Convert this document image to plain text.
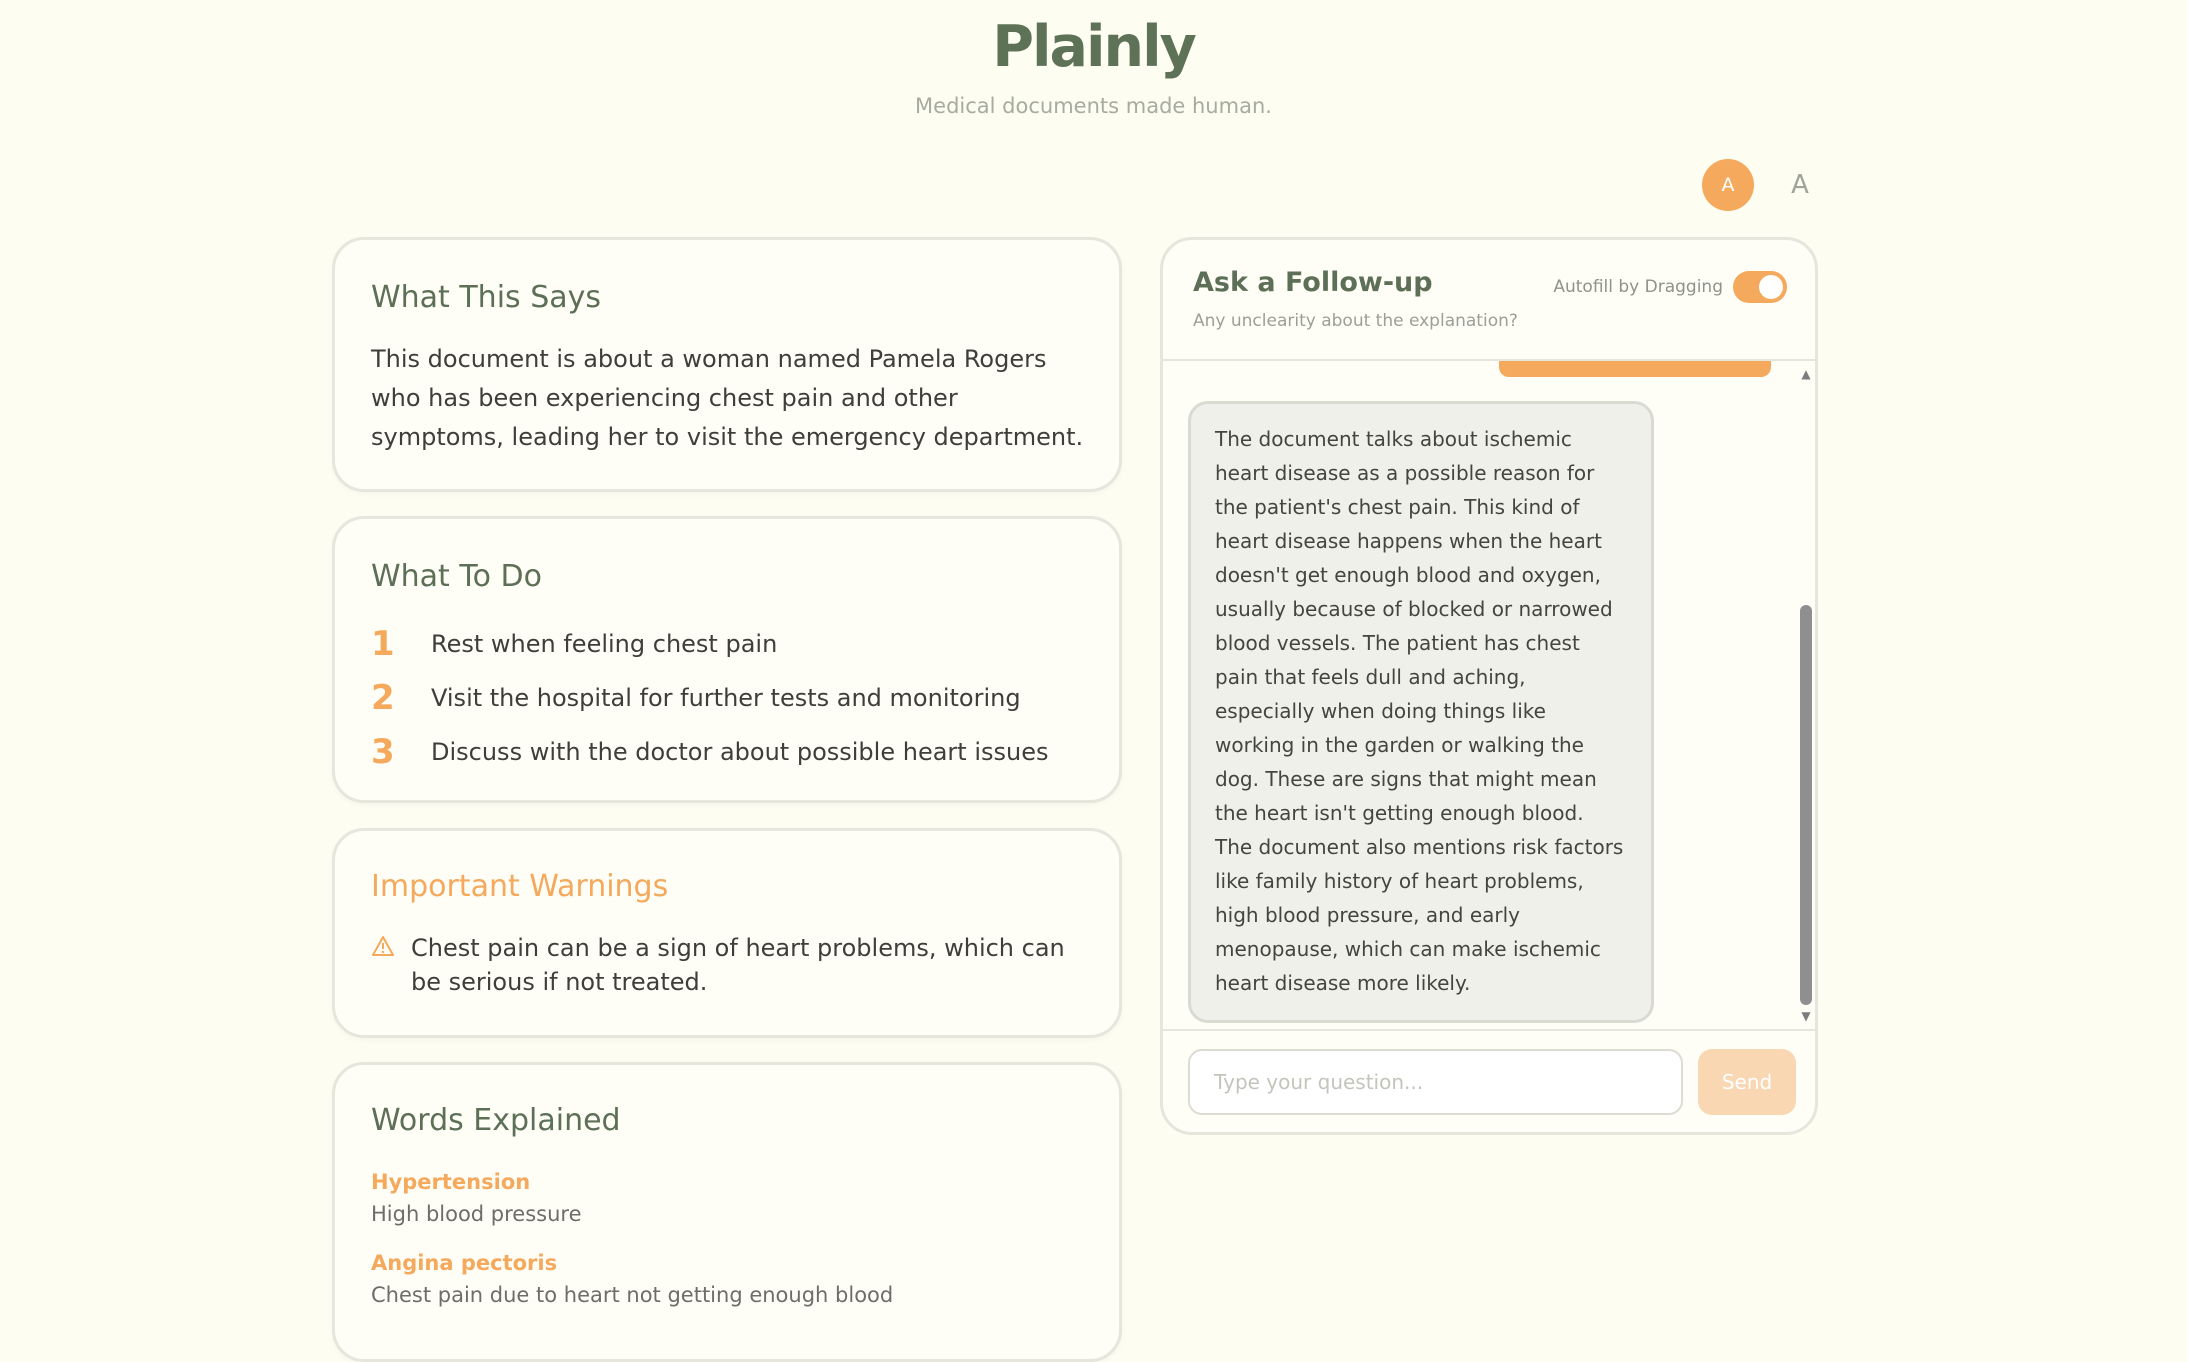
Plainly
Medical documents made human.
A	A
What This Says
This document is about a woman named Pamela Rogers who has been experiencing chest pain and other symptoms, leading her to visit the emergency department.
What To Do
1	Rest when feeling chest pain
2	Visit the hospital for further tests and monitoring
3	Discuss with the doctor about possible heart issues
Important Warnings
Chest pain can be a sign of heart problems, which can be serious if not treated.
Words Explained
Hypertension
High blood pressure
Angina pectoris
Chest pain due to heart not getting enough blood
Ask a Follow-up
Any unclearity about the explanation?
Autofill by Dragging
The document talks about ischemic heart disease as a possible reason for the patient's chest pain. This kind of heart disease happens when the heart doesn't get enough blood and oxygen, usually because of blocked or narrowed blood vessels. The patient has chest pain that feels dull and aching, especially when doing things like working in the garden or walking the dog. These are signs that might mean the heart isn't getting enough blood. The document also mentions risk factors like family history of heart problems, high blood pressure, and early menopause, which can make ischemic heart disease more likely.
▲
▼
Type your question...
Send
